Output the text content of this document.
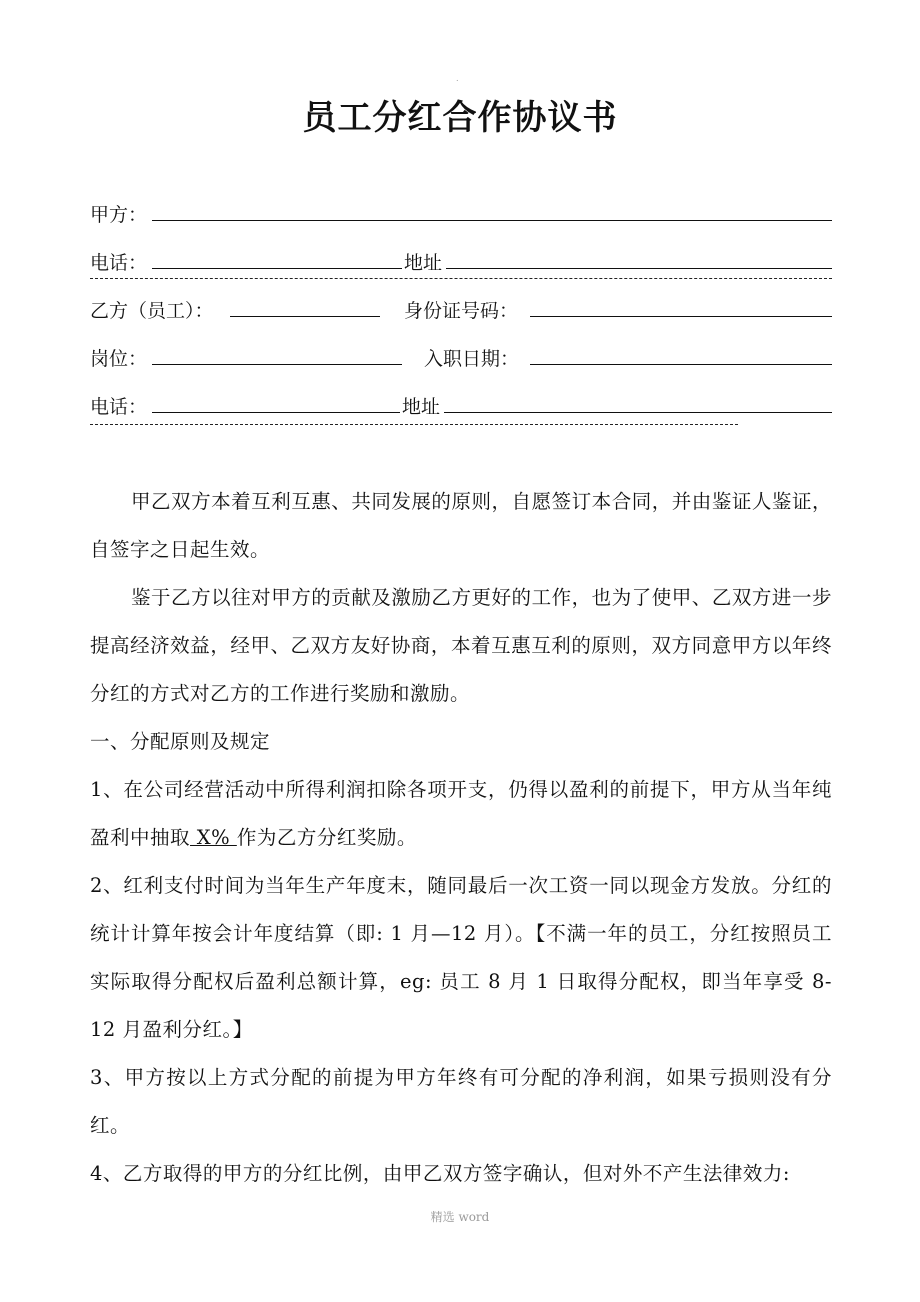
.
员工分红合作协议书
甲方：
电话：	地址
乙方（员工）：	身份证号码：
岗位：	入职日期：
电话：	地址
甲乙双方本着互利互惠、共同发展的原则，自愿签订本合同，并由鉴证人鉴证，自签字之日起生效。
鉴于乙方以往对甲方的贡献及激励乙方更好的工作，也为了使甲、乙双方进一步提高经济效益，经甲、乙双方友好协商，本着互惠互利的原则，双方同意甲方以年终分红的方式对乙方的工作进行奖励和激励。
一、分配原则及规定
1、在公司经营活动中所得利润扣除各项开支，仍得以盈利的前提下，甲方从当年纯盈利中抽取 X% 作为乙方分红奖励。
2、红利支付时间为当年生产年度末，随同最后一次工资一同以现金方发放。分红的统计计算年按会计年度结算（即: 1 月—12 月）。【不满一年的员工，分红按照员工实际取得分配权后盈利总额计算，eg: 员工 8 月 1 日取得分配权，即当年享受 8-12 月盈利分红。】
3、甲方按以上方式分配的前提为甲方年终有可分配的净利润，如果亏损则没有分红。
4、乙方取得的甲方的分红比例，由甲乙双方签字确认，但对外不产生法律效力:
精选 word
